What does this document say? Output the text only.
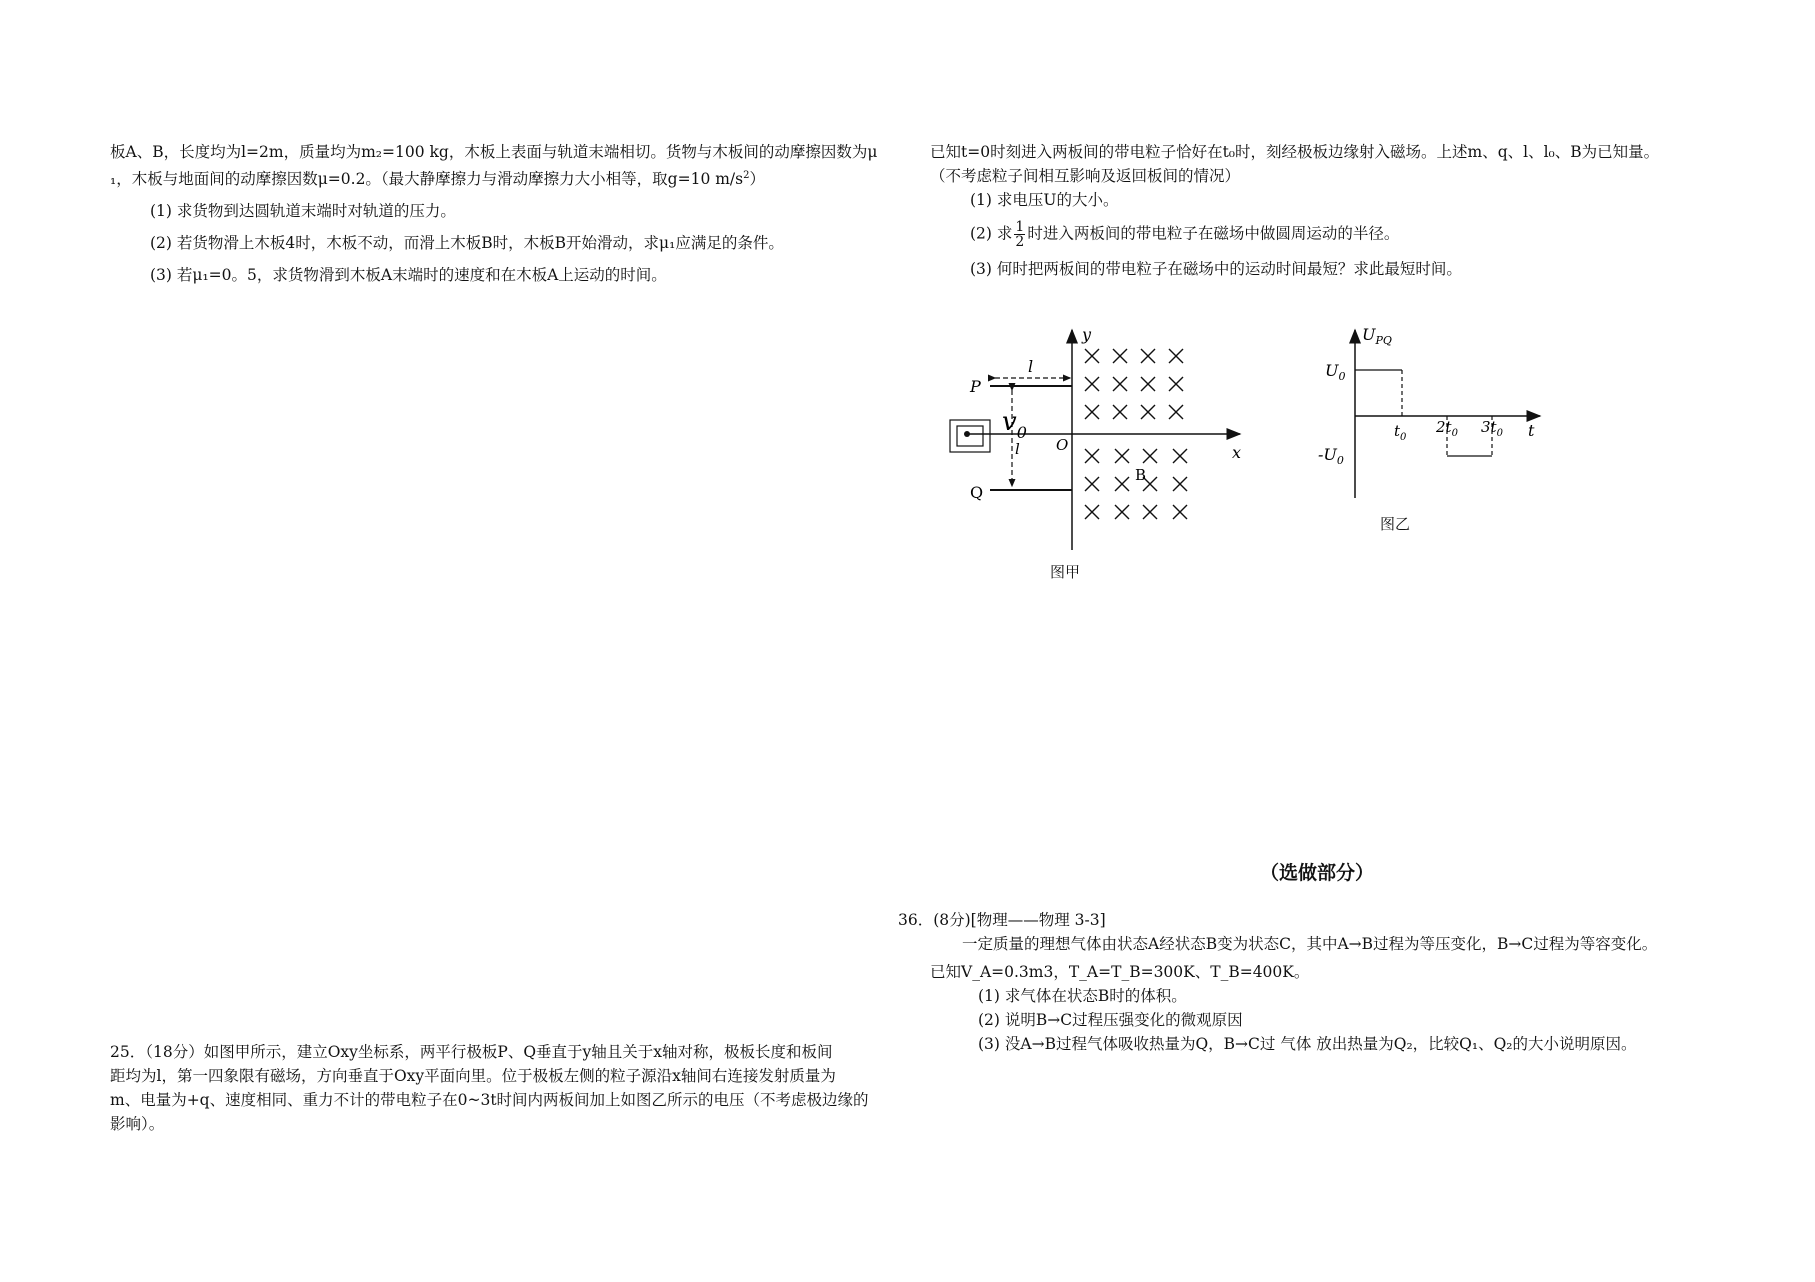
板A、B，长度均为l=2m，质量均为m₂=100 kg，木板上表面与轨道末端相切。货物与木板间的动摩擦因数为μ
₁，木板与地面间的动摩擦因数μ=0.2。（最大静摩擦力与滑动摩擦力大小相等，取g=10 $m/s^2$）
(1) 求货物到达圆轨道末端时对轨道的压力。
(2) 若货物滑上木板4时，木板不动，而滑上木板B时，木板B开始滑动，求μ₁应满足的条件。
(3) 若μ₁=0。5，求货物滑到木板A末端时的速度和在木板A上运动的时间。
已知t=0时刻进入两板间的带电粒子恰好在t₀时，刻经极板边缘射入磁场。上述m、q、l、l₀、B为已知量。
（不考虑粒子间相互影响及返回板间的情况）
(1) 求电压U的大小。
(2) 求 $\frac{1}{2}$ 时进入两板间的带电粒子在磁场中做圆周运动的半径。
(3) 何时把两板间的带电粒子在磁场中的运动时间最短？求此最短时间。
y
x
O
P
Q
l
l
$v_0$
B
图甲
$U_{PQ}$
$U_0$
$-U_0$
$t_0$
$2t_0$ $3t_0$ t
图乙
（选做部分）
36．(8分)[物理——物理 3-3]
一定质量的理想气体由状态A经状态B变为状态C，其中A→B过程为等压变化，B→C过程为等容变化。
已知V_A=0.3m3，T_A=T_B=300K、T_B=400K。
(1) 求气体在状态B时的体积。
(2) 说明B→C过程压强变化的微观原因
(3) 没A→B过程气体吸收热量为Q，B→C过 气体 放出热量为Q₂，比较Q₁、Q₂的大小说明原因。
25．（18分）如图甲所示，建立Oxy坐标系，两平行极板P、Q垂直于y轴且关于x轴对称，极板长度和板间
距均为l，第一四象限有磁场，方向垂直于Oxy平面向里。位于极板左侧的粒子源沿x轴间右连接发射质量为
m、电量为+q、速度相同、重力不计的带电粒子在0~3t时间内两板间加上如图乙所示的电压（不考虑极边缘的
影响）。
